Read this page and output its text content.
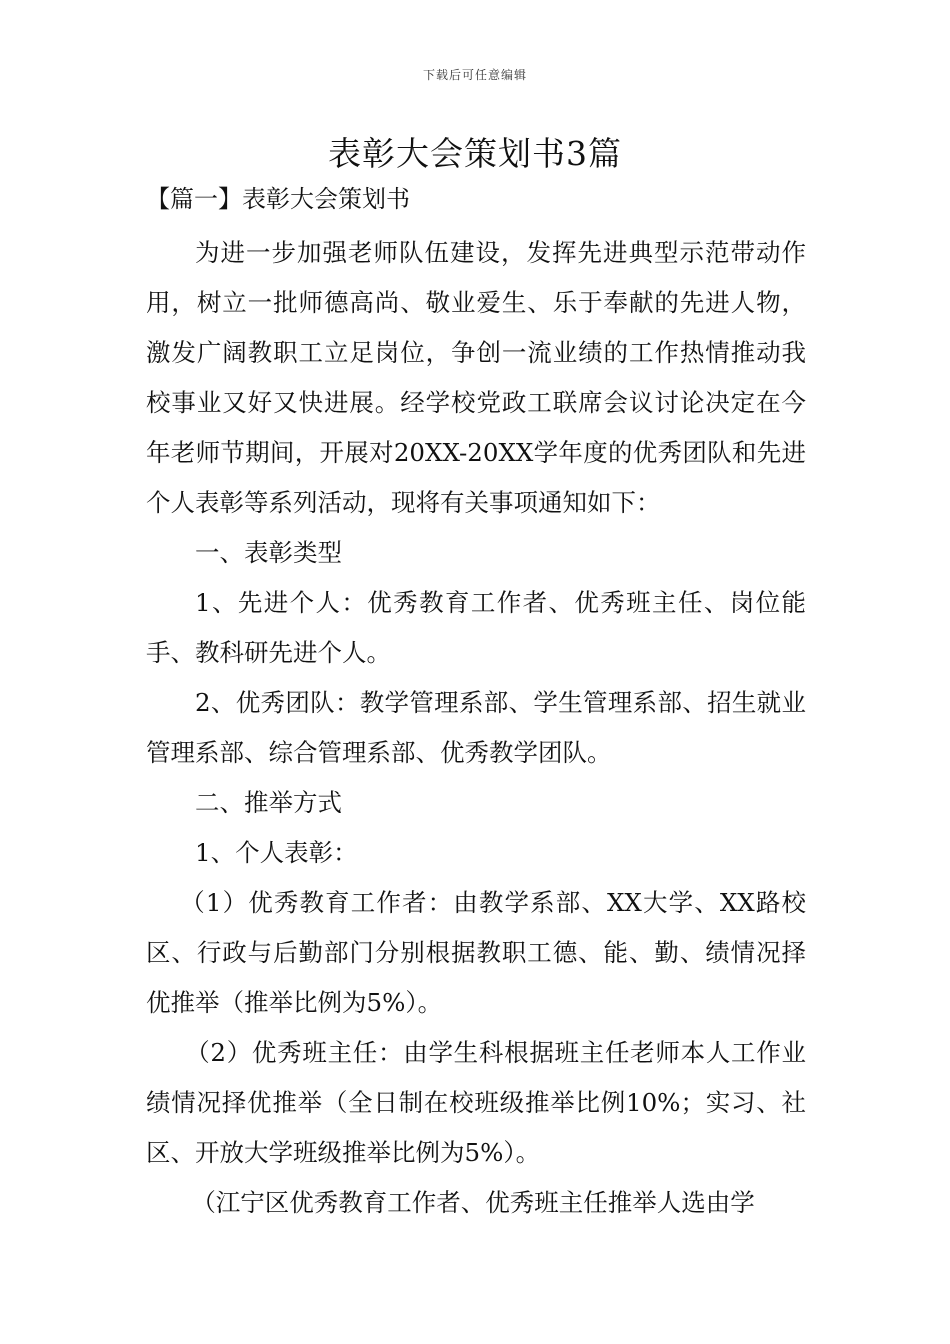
下载后可任意编辑
表彰大会策划书3篇
【篇一】表彰大会策划书

为进一步加强老师队伍建设，发挥先进典型示范带动作用，树立一批师德高尚、敬业爱生、乐于奉献的先进人物，激发广阔教职工立足岗位，争创一流业绩的工作热情推动我校事业又好又快进展。经学校党政工联席会议讨论决定在今年老师节期间，开展对20XX-20XX学年度的优秀团队和先进个人表彰等系列活动，现将有关事项通知如下：

一、表彰类型

1、先进个人：优秀教育工作者、优秀班主任、岗位能手、教科研先进个人。

2、优秀团队：教学管理系部、学生管理系部、招生就业管理系部、综合管理系部、优秀教学团队。

二、推举方式

1、个人表彰：

（1）优秀教育工作者：由教学系部、XX大学、XX路校区、行政与后勤部门分别根据教职工德、能、勤、绩情况择优推举（推举比例为5%）。

（2）优秀班主任：由学生科根据班主任老师本人工作业绩情况择优推举（全日制在校班级推举比例10%；实习、社区、开放大学班级推举比例为5%）。

（江宁区优秀教育工作者、优秀班主任推举人选由学
